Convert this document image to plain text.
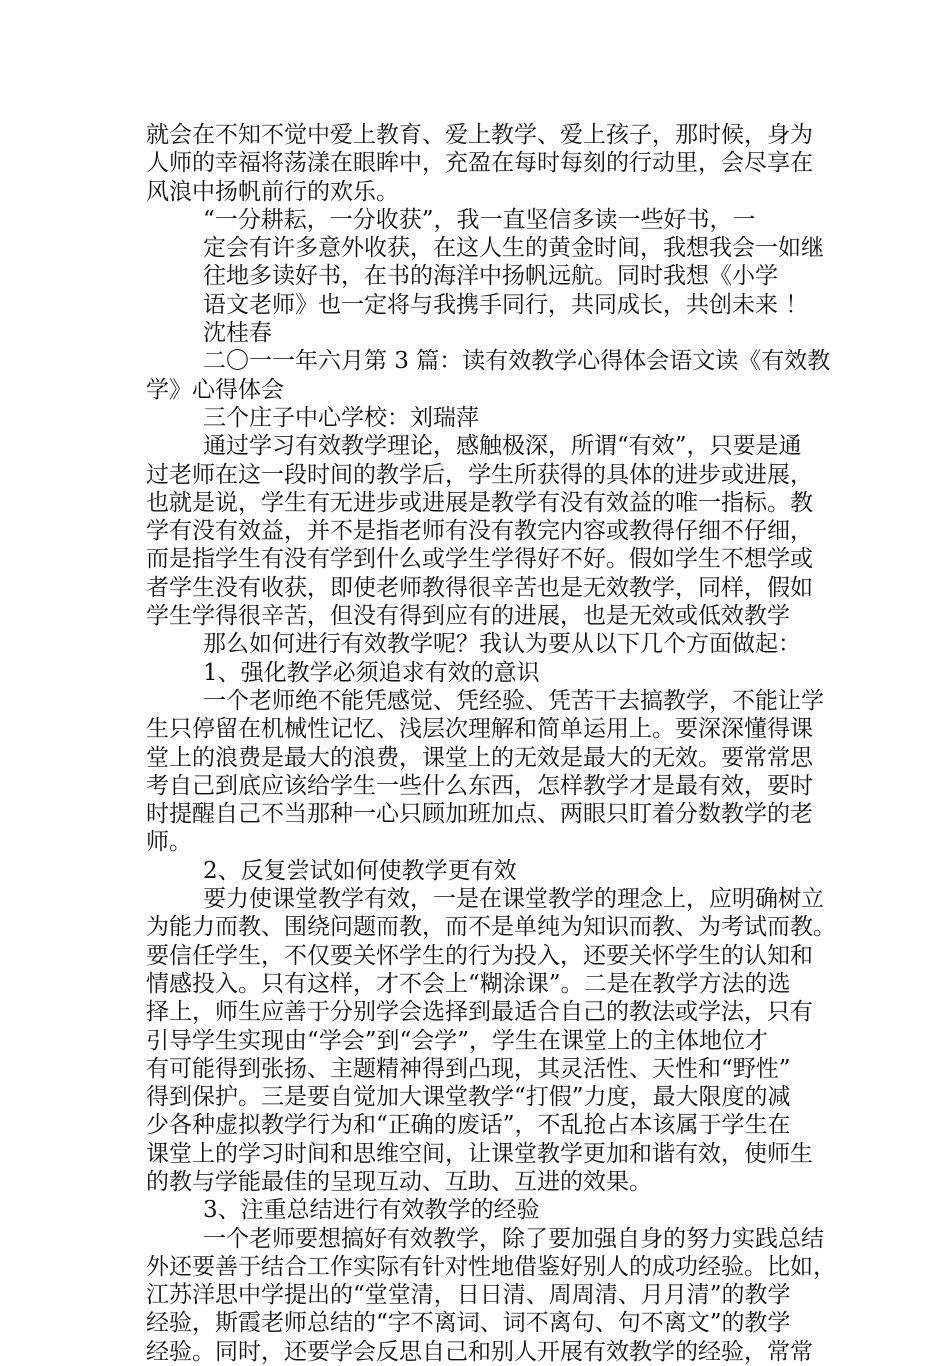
就会在不知不觉中爱上教育、爱上教学、爱上孩子，那时候，身为
人师的幸福将荡漾在眼眸中，充盈在每时每刻的行动里，会尽享在
风浪中扬帆前行的欢乐。
“一分耕耘，一分收获”，我一直坚信多读一些好书，一
定会有许多意外收获，在这人生的黄金时间，我想我会一如继
往地多读好书，在书的海洋中扬帆远航。同时我想《小学
语文老师》也一定将与我携手同行，共同成长，共创未来 ！
沈桂春
二〇一一年六月第 3 篇：读有效教学心得体会语文读《有效教
学》心得体会
三个庄子中心学校：刘瑞萍
通过学习有效教学理论，感触极深，所谓“有效”，只要是通
过老师在这一段时间的教学后，学生所获得的具体的进步或进展，
也就是说，学生有无进步或进展是教学有没有效益的唯一指标。教
学有没有效益，并不是指老师有没有教完内容或教得仔细不仔细，
而是指学生有没有学到什么或学生学得好不好。假如学生不想学或
者学生没有收获，即使老师教得很辛苦也是无效教学，同样，假如
学生学得很辛苦，但没有得到应有的进展，也是无效或低效教学
那么如何进行有效教学呢？我认为要从以下几个方面做起：
1、强化教学必须追求有效的意识
一个老师绝不能凭感觉、凭经验、凭苦干去搞教学，不能让学
生只停留在机械性记忆、浅层次理解和简单运用上。要深深懂得课
堂上的浪费是最大的浪费，课堂上的无效是最大的无效。要常常思
考自己到底应该给学生一些什么东西，怎样教学才是最有效，要时
时提醒自己不当那种一心只顾加班加点、两眼只盯着分数教学的老
师。
2、反复尝试如何使教学更有效
要力使课堂教学有效，一是在课堂教学的理念上，应明确树立
为能力而教、围绕问题而教，而不是单纯为知识而教、为考试而教。
要信任学生，不仅要关怀学生的行为投入，还要关怀学生的认知和
情感投入。只有这样，才不会上“糊涂课”。二是在教学方法的选
择上，师生应善于分别学会选择到最适合自己的教法或学法，只有
引导学生实现由“学会”到“会学”，学生在课堂上的主体地位才
有可能得到张扬、主题精神得到凸现，其灵活性、天性和“野性”
得到保护。三是要自觉加大课堂教学“打假”力度，最大限度的减
少各种虚拟教学行为和“正确的废话”，不乱抢占本该属于学生在
课堂上的学习时间和思维空间，让课堂教学更加和谐有效，使师生
的教与学能最佳的呈现互动、互助、互进的效果。
3、注重总结进行有效教学的经验
一个老师要想搞好有效教学，除了要加强自身的努力实践总结
外还要善于结合工作实际有针对性地借鉴好别人的成功经验。比如，
江苏洋思中学提出的“堂堂清，日日清、周周清、月月清”的教学
经验，斯霞老师总结的“字不离词、词不离句、句不离文”的教学
经验。同时，还要学会反思自己和别人开展有效教学的经验，常常
